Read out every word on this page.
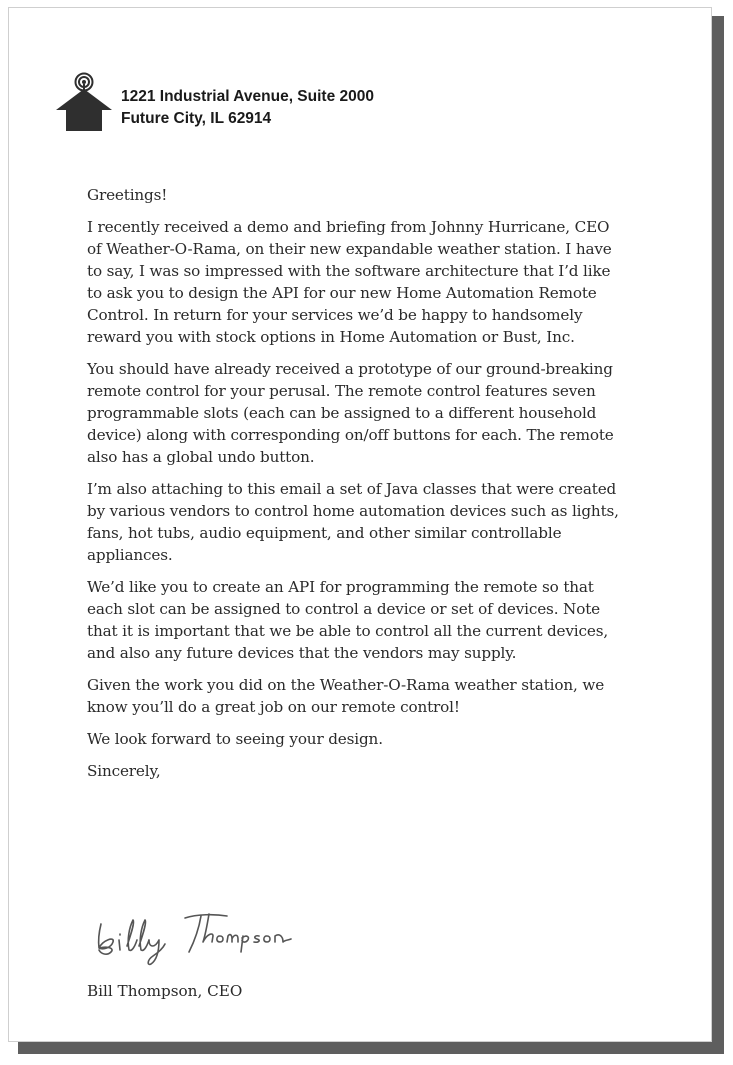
1221 Industrial Avenue, Suite 2000
Future City, IL 62914

Greetings!

I recently received a demo and briefing from Johnny Hurricane, CEO of Weather-O-Rama, on their new expandable weather station. I have to say, I was so impressed with the software architecture that I’d like to ask you to design the API for our new Home Automation Remote Control. In return for your services we’d be happy to handsomely reward you with stock options in Home Automation or Bust, Inc.

You should have already received a prototype of our ground-breaking remote control for your perusal. The remote control features seven programmable slots (each can be assigned to a different household device) along with corresponding on/off buttons for each. The remote also has a global undo button.

I’m also attaching to this email a set of Java classes that were created by various vendors to control home automation devices such as lights, fans, hot tubs, audio equipment, and other similar controllable appliances.

We’d like you to create an API for programming the remote so that each slot can be assigned to control a device or set of devices. Note that it is important that we be able to control all the current devices, and also any future devices that the vendors may supply.

Given the work you did on the Weather-O-Rama weather station, we know you’ll do a great job on our remote control!

We look forward to seeing your design.

Sincerely,

Bill Thompson, CEO
